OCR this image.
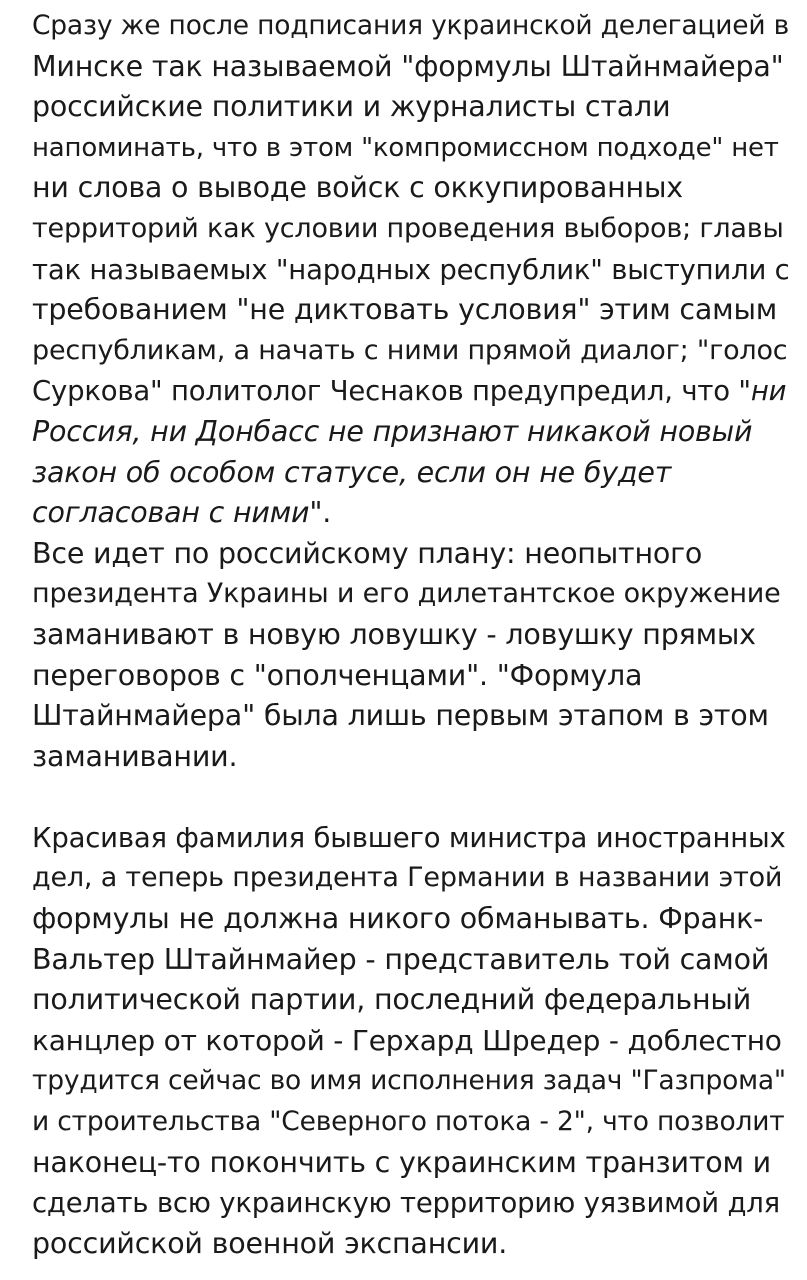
Сразу же после подписания украинской делегацией в
Минске так называемой "формулы Штайнмайера"
российские политики и журналисты стали
напоминать, что в этом "компромиссном подходе" нет
ни слова о выводе войск с оккупированных
территорий как условии проведения выборов; главы
так называемых "народных республик" выступили с
требованием "не диктовать условия" этим самым
республикам, а начать с ними прямой диалог; "голос
Суркова" политолог Чеснаков предупредил, что "ни
Россия, ни Донбасс не признают никакой новый
закон об особом статусе, если он не будет
согласован с ними".
Все идет по российскому плану: неопытного
президента Украины и его дилетантское окружение
заманивают в новую ловушку - ловушку прямых
переговоров с "ополченцами". "Формула
Штайнмайера" была лишь первым этапом в этом
заманивании.
Красивая фамилия бывшего министра иностранных
дел, а теперь президента Германии в названии этой
формулы не должна никого обманывать. Франк-
Вальтер Штайнмайер - представитель той самой
политической партии, последний федеральный
канцлер от которой - Герхард Шредер - доблестно
трудится сейчас во имя исполнения задач "Газпрома"
и строительства "Северного потока - 2", что позволит
наконец-то покончить с украинским транзитом и
сделать всю украинскую территорию уязвимой для
российской военной экспансии.
